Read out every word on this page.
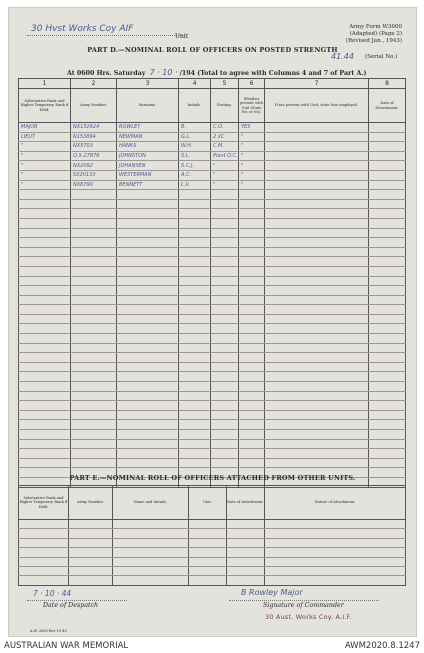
30 Hvst Works Coy AIF
Unit
Army Form W3000
(Adapted) (Page 2)
(Revised Jan., 1943)
41.44 (Serial No.)
PART D.—NOMINAL ROLL OF OFFICERS ON POSTED STRENGTH
At 0600 Hrs. Saturday 7 · 10 · /194 (Total to agree with Columns 4 and 7 of Part A.)
1	2	3	4	5	6	7	8
Substantive Rank and Higher Temporary Rank if Held.	Army Number.	Surname.	Initials.	Posting.	Whether present with Unit (State Yes or No).	If not present with Unit, state how employed.	Date of Detachment.
MAJOR	NX152624	ROWLEY	B.	C.O.	YES		
LIEUT	N153894	NEWMAN	G.L.	2 i/C	"		
"	NX5703	HANKS	W.H.	C.M.	"		
"	Q.X.27876	JOHNSTON	S.L.	Plant O.C.	"		
"	NX2092	JOHANSEN	S.C.J.	"	"		
"	SX20133	WESTERMAN	A.C.	"	"		
"	NX8790	BENNETT	L.V.	"	"		

PART E.—NOMINAL ROLL OF OFFICERS ATTACHED FROM OTHER UNITS.
Substantive Rank and Higher Temporary Rank if Held.	Army Number.	Name and Initials.	Unit.	Date of Attachment.	Nature of Attachment.

7 · 10 · 44
Date of Despatch
B Rowley Major
Signature of Commander
30 Aust. Works Coy. A.I.F.
A.W. 3000 Rev 10-43
AUSTRALIAN WAR MEMORIAL	AWM2020.8.1247
